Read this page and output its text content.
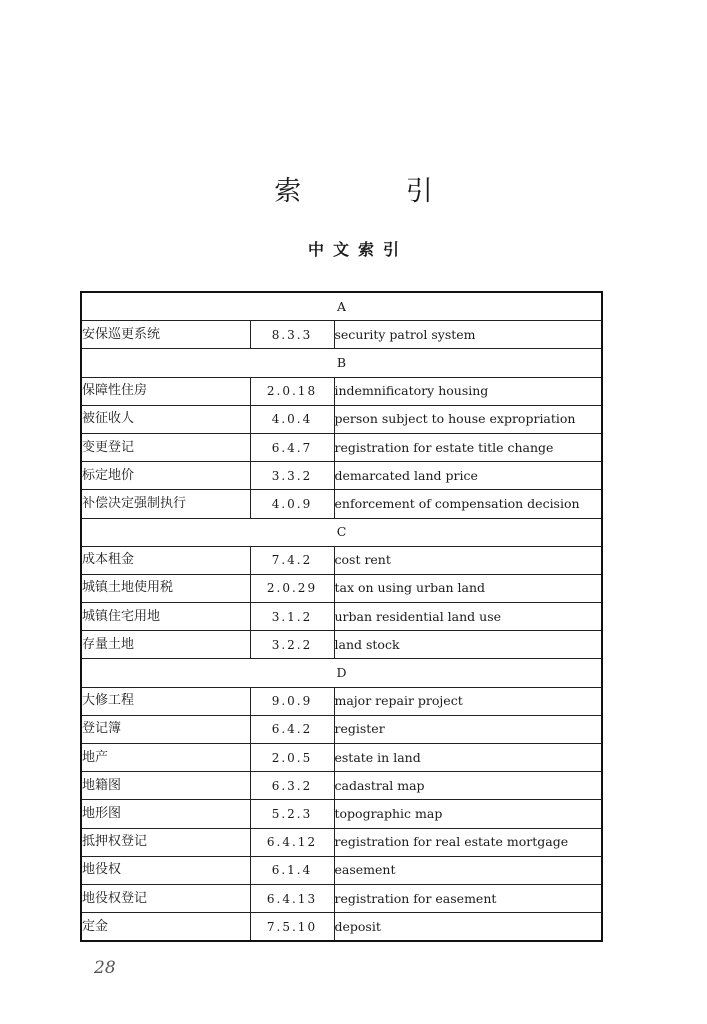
索 引
中文索引
A		
安保巡更系统	8.3.3	security patrol system
B		
保障性住房	2.0.18	indemnificatory housing
被征收人	4.0.4	person subject to house expropriation
变更登记	6.4.7	registration for estate title change
标定地价	3.3.2	demarcated land price
补偿决定强制执行	4.0.9	enforcement of compensation decision
C		
成本租金	7.4.2	cost rent
城镇土地使用税	2.0.29	tax on using urban land
城镇住宅用地	3.1.2	urban residential land use
存量土地	3.2.2	land stock
D		
大修工程	9.0.9	major repair project
登记簿	6.4.2	register
地产	2.0.5	estate in land
地籍图	6.3.2	cadastral map
地形图	5.2.3	topographic map
抵押权登记	6.4.12	registration for real estate mortgage
地役权	6.1.4	easement
地役权登记	6.4.13	registration for easement
定金	7.5.10	deposit
28
